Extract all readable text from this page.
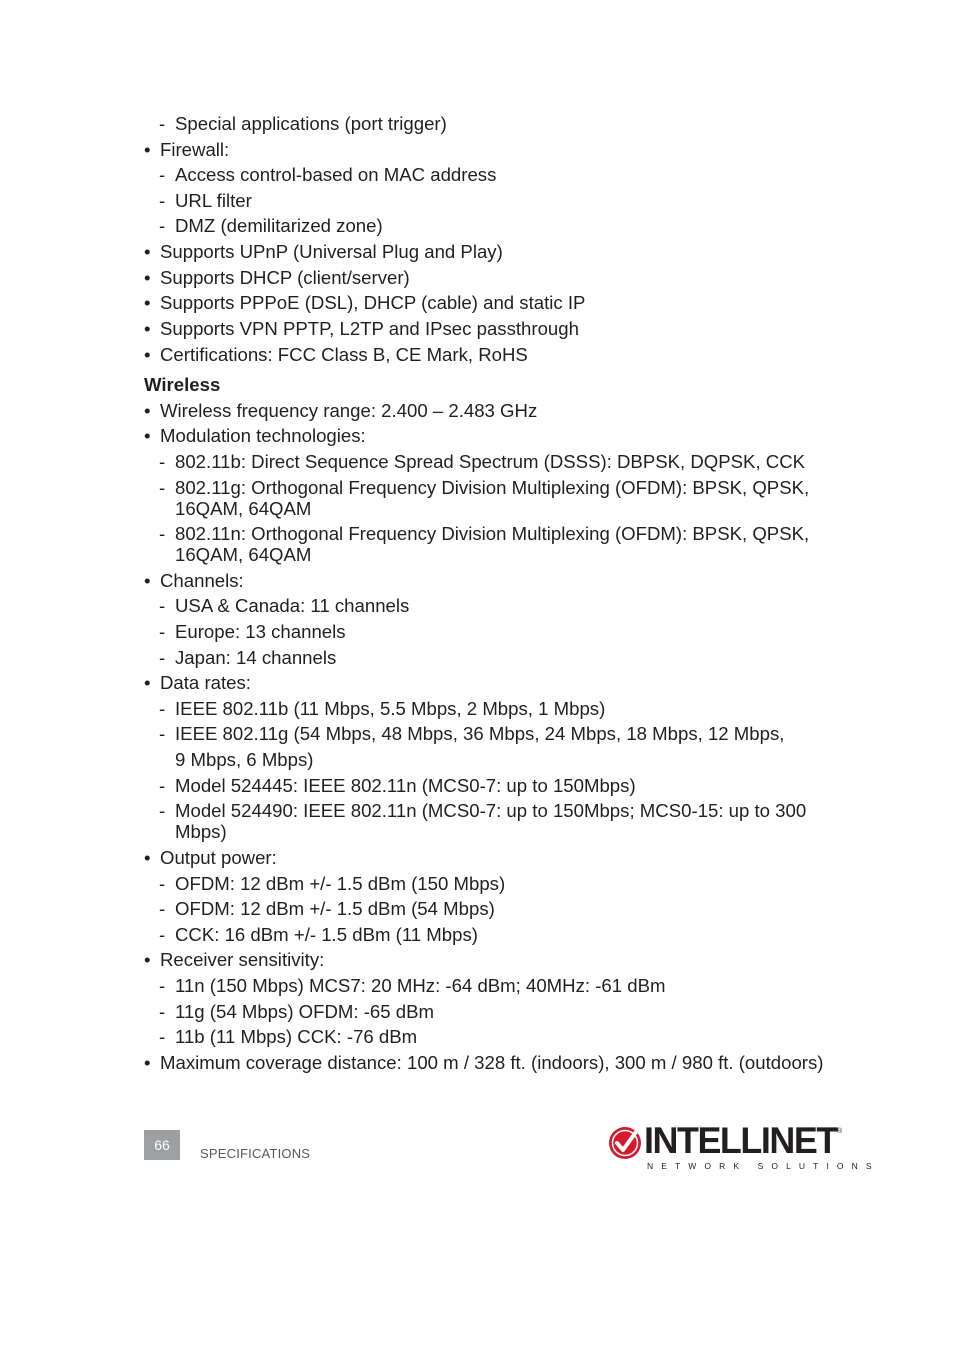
- Special applications (port trigger)
• Firewall:
- Access control-based on MAC address
- URL filter
- DMZ (demilitarized zone)
• Supports UPnP (Universal Plug and Play)
• Supports DHCP (client/server)
• Supports PPPoE (DSL), DHCP (cable) and static IP
• Supports VPN PPTP, L2TP and IPsec passthrough
• Certifications: FCC Class B, CE Mark, RoHS
Wireless
• Wireless frequency range: 2.400 – 2.483 GHz
• Modulation technologies:
- 802.11b: Direct Sequence Spread Spectrum (DSSS): DBPSK, DQPSK, CCK
- 802.11g: Orthogonal Frequency Division Multiplexing (OFDM): BPSK, QPSK,
16QAM, 64QAM
- 802.11n: Orthogonal Frequency Division Multiplexing (OFDM): BPSK, QPSK,
16QAM, 64QAM
• Channels:
- USA & Canada: 11 channels
- Europe: 13 channels
- Japan: 14 channels
• Data rates:
- IEEE 802.11b (11 Mbps, 5.5 Mbps, 2 Mbps, 1 Mbps)
- IEEE 802.11g (54 Mbps, 48 Mbps, 36 Mbps, 24 Mbps, 18 Mbps, 12 Mbps,
9 Mbps, 6 Mbps)
- Model 524445: IEEE 802.11n (MCS0-7: up to 150Mbps)
- Model 524490: IEEE 802.11n (MCS0-7: up to 150Mbps; MCS0-15: up to 300
Mbps)
• Output power:
- OFDM: 12 dBm +/- 1.5 dBm (150 Mbps)
- OFDM: 12 dBm +/- 1.5 dBm (54 Mbps)
- CCK: 16 dBm +/- 1.5 dBm (11 Mbps)
• Receiver sensitivity:
- 11n (150 Mbps) MCS7: 20 MHz: -64 dBm; 40MHz: -61 dBm
- 11g (54 Mbps) OFDM: -65 dBm
- 11b (11 Mbps) CCK: -76 dBm
• Maximum coverage distance: 100 m / 328 ft. (indoors), 300 m / 980 ft. (outdoors)
66
SPECIFICATIONS	INTELLINET ®
NETWORK SOLUTIONS
